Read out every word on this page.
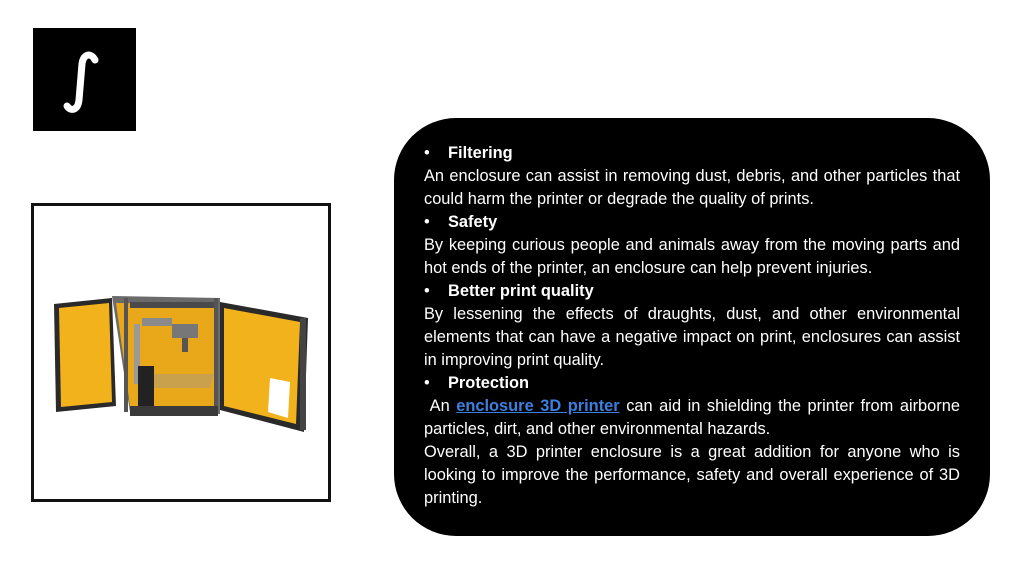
•	Filtering

An enclosure can assist in removing dust, debris, and other particles that could harm the printer or degrade the quality of prints.

•	Safety

By keeping curious people and animals away from the moving parts and hot ends of the printer, an enclosure can help prevent injuries.

•	Better print quality

By lessening the effects of draughts, dust, and other environmental elements that can have a negative impact on print, enclosures can assist in improving print quality.

•	Protection

An enclosure 3D printer can aid in shielding the printer from airborne particles, dirt, and other environmental hazards.

Overall, a 3D printer enclosure is a great addition for anyone who is looking to improve the performance, safety and overall experience of 3D printing.
